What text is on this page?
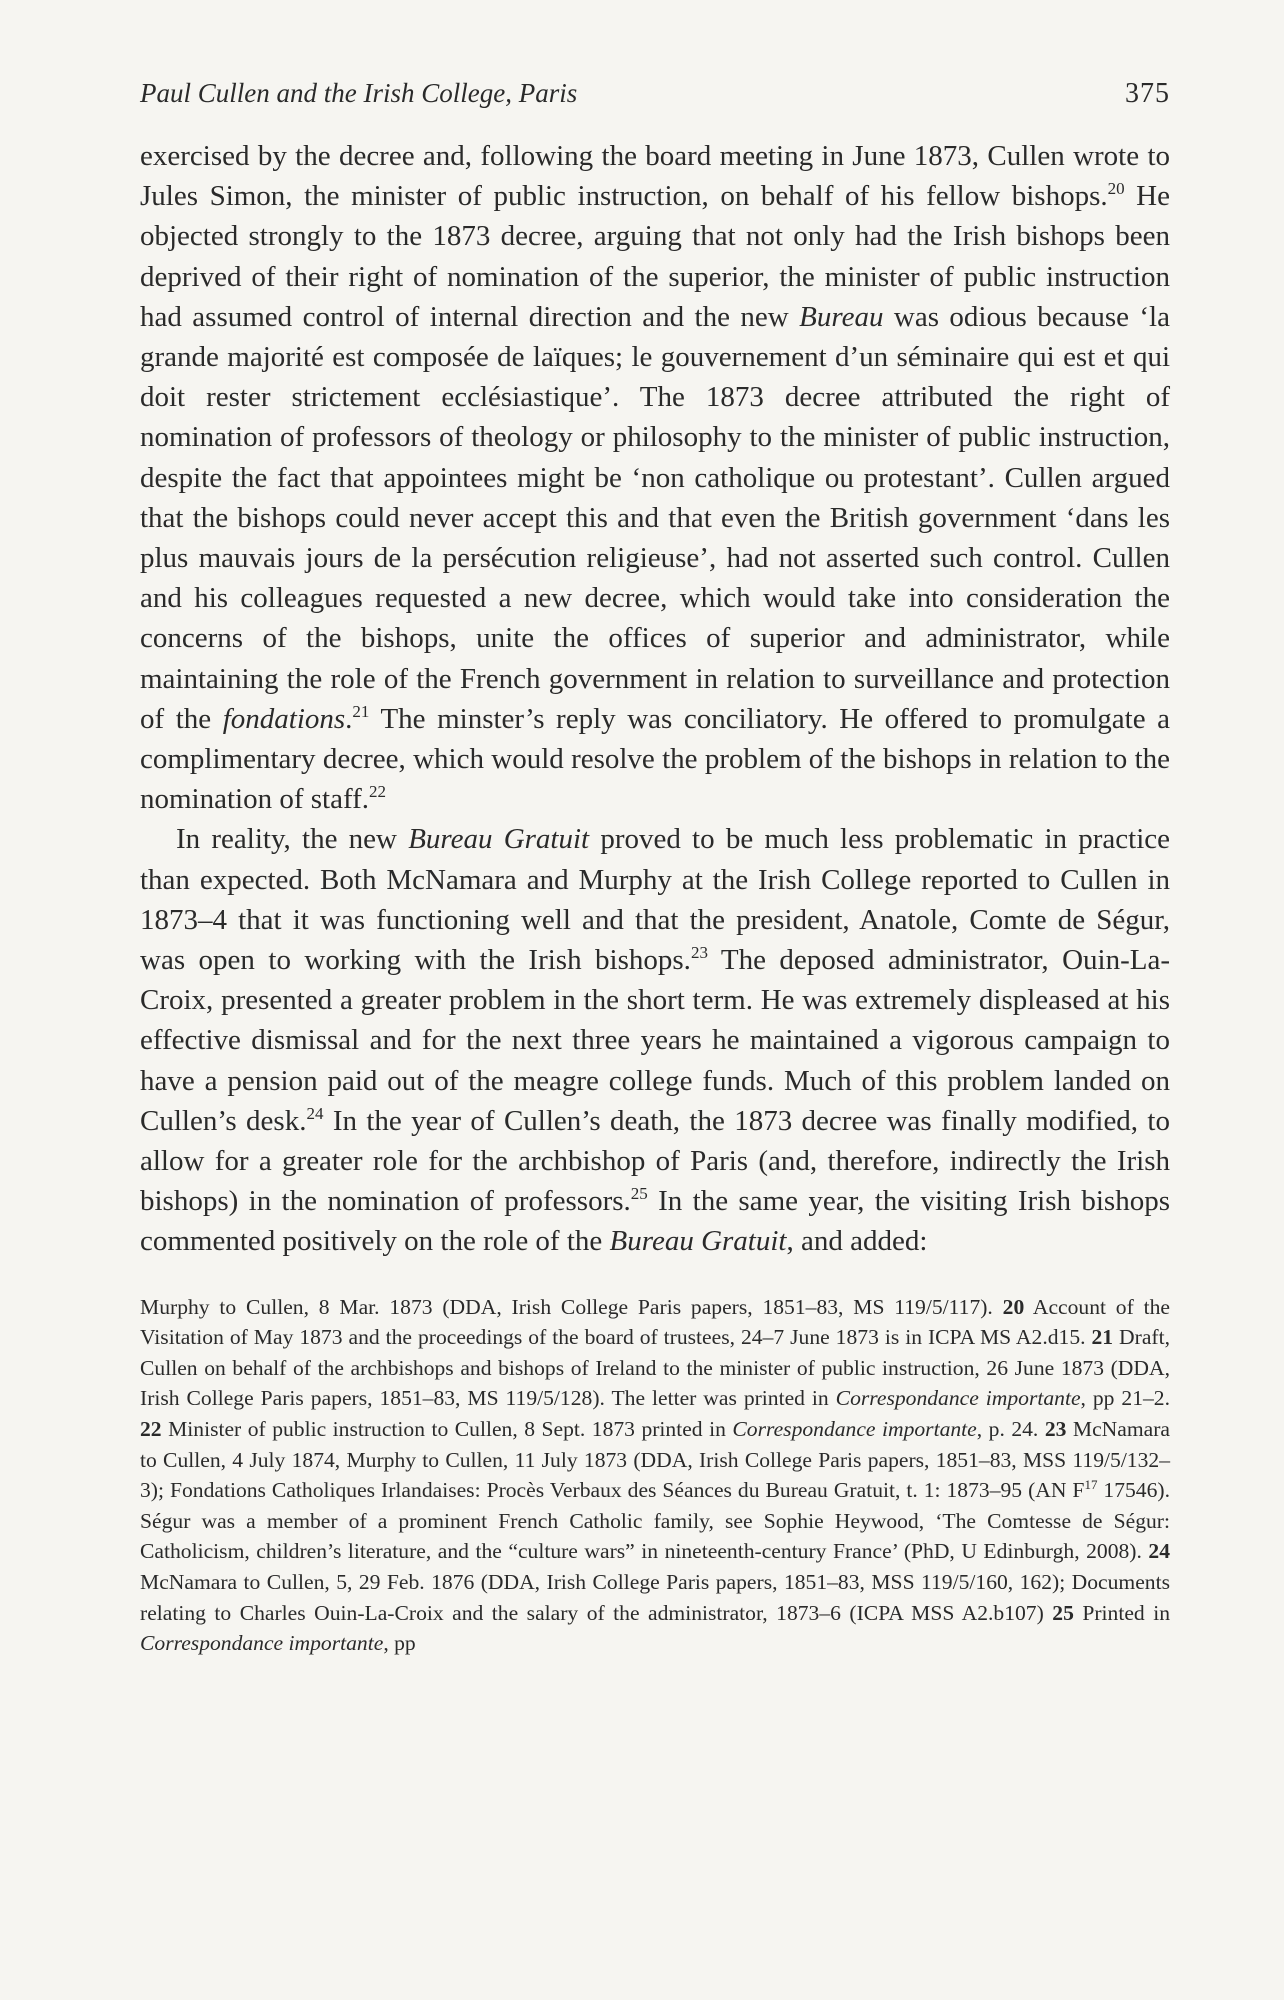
Paul Cullen and the Irish College, Paris	375

exercised by the decree and, following the board meeting in June 1873, Cullen wrote to Jules Simon, the minister of public instruction, on behalf of his fellow bishops.$^{20}$ He objected strongly to the 1873 decree, arguing that not only had the Irish bishops been deprived of their right of nomination of the superior, the minister of public instruction had assumed control of internal direction and the new Bureau was odious because ‘la grande majorité est composée de laïques; le gouvernement d’un séminaire qui est et qui doit rester strictement ecclésiastique’. The 1873 decree attributed the right of nomination of professors of theology or philosophy to the minister of public instruction, despite the fact that appointees might be ‘non catholique ou protestant’. Cullen argued that the bishops could never accept this and that even the British government ‘dans les plus mauvais jours de la persécution religieuse’, had not asserted such control. Cullen and his colleagues requested a new decree, which would take into consideration the concerns of the bishops, unite the offices of superior and administrator, while maintaining the role of the French government in relation to surveillance and protection of the fondations.$^{21}$ The minster’s reply was conciliatory. He offered to promulgate a complimentary decree, which would resolve the problem of the bishops in relation to the nomination of staff.$^{22}$

In reality, the new Bureau Gratuit proved to be much less problematic in practice than expected. Both McNamara and Murphy at the Irish College reported to Cullen in 1873–4 that it was functioning well and that the president, Anatole, Comte de Ségur, was open to working with the Irish bishops.$^{23}$ The deposed administrator, Ouin-La-Croix, presented a greater problem in the short term. He was extremely displeased at his effective dismissal and for the next three years he maintained a vigorous campaign to have a pension paid out of the meagre college funds. Much of this problem landed on Cullen’s desk.$^{24}$ In the year of Cullen’s death, the 1873 decree was finally modified, to allow for a greater role for the archbishop of Paris (and, therefore, indirectly the Irish bishops) in the nomination of professors.$^{25}$ In the same year, the visiting Irish bishops commented positively on the role of the Bureau Gratuit, and added:

Murphy to Cullen, 8 Mar. 1873 (DDA, Irish College Paris papers, 1851–83, MS 119/5/117). 20 Account of the Visitation of May 1873 and the proceedings of the board of trustees, 24–7 June 1873 is in ICPA MS A2.d15. 21 Draft, Cullen on behalf of the archbishops and bishops of Ireland to the minister of public instruction, 26 June 1873 (DDA, Irish College Paris papers, 1851–83, MS 119/5/128). The letter was printed in Correspondance importante, pp 21–2. 22 Minister of public instruction to Cullen, 8 Sept. 1873 printed in Correspondance importante, p. 24. 23 McNamara to Cullen, 4 July 1874, Murphy to Cullen, 11 July 1873 (DDA, Irish College Paris papers, 1851–83, MSS 119/5/132–3); Fondations Catholiques Irlandaises: Procès Verbaux des Séances du Bureau Gratuit, t. 1: 1873–95 (AN F$^{17}$ 17546). Ségur was a member of a prominent French Catholic family, see Sophie Heywood, ‘The Comtesse de Ségur: Catholicism, children’s literature, and the “culture wars” in nineteenth-century France’ (PhD, U Edinburgh, 2008). 24 McNamara to Cullen, 5, 29 Feb. 1876 (DDA, Irish College Paris papers, 1851–83, MSS 119/5/160, 162); Documents relating to Charles Ouin-La-Croix and the salary of the administrator, 1873–6 (ICPA MSS A2.b107) 25 Printed in Correspondance importante, pp
